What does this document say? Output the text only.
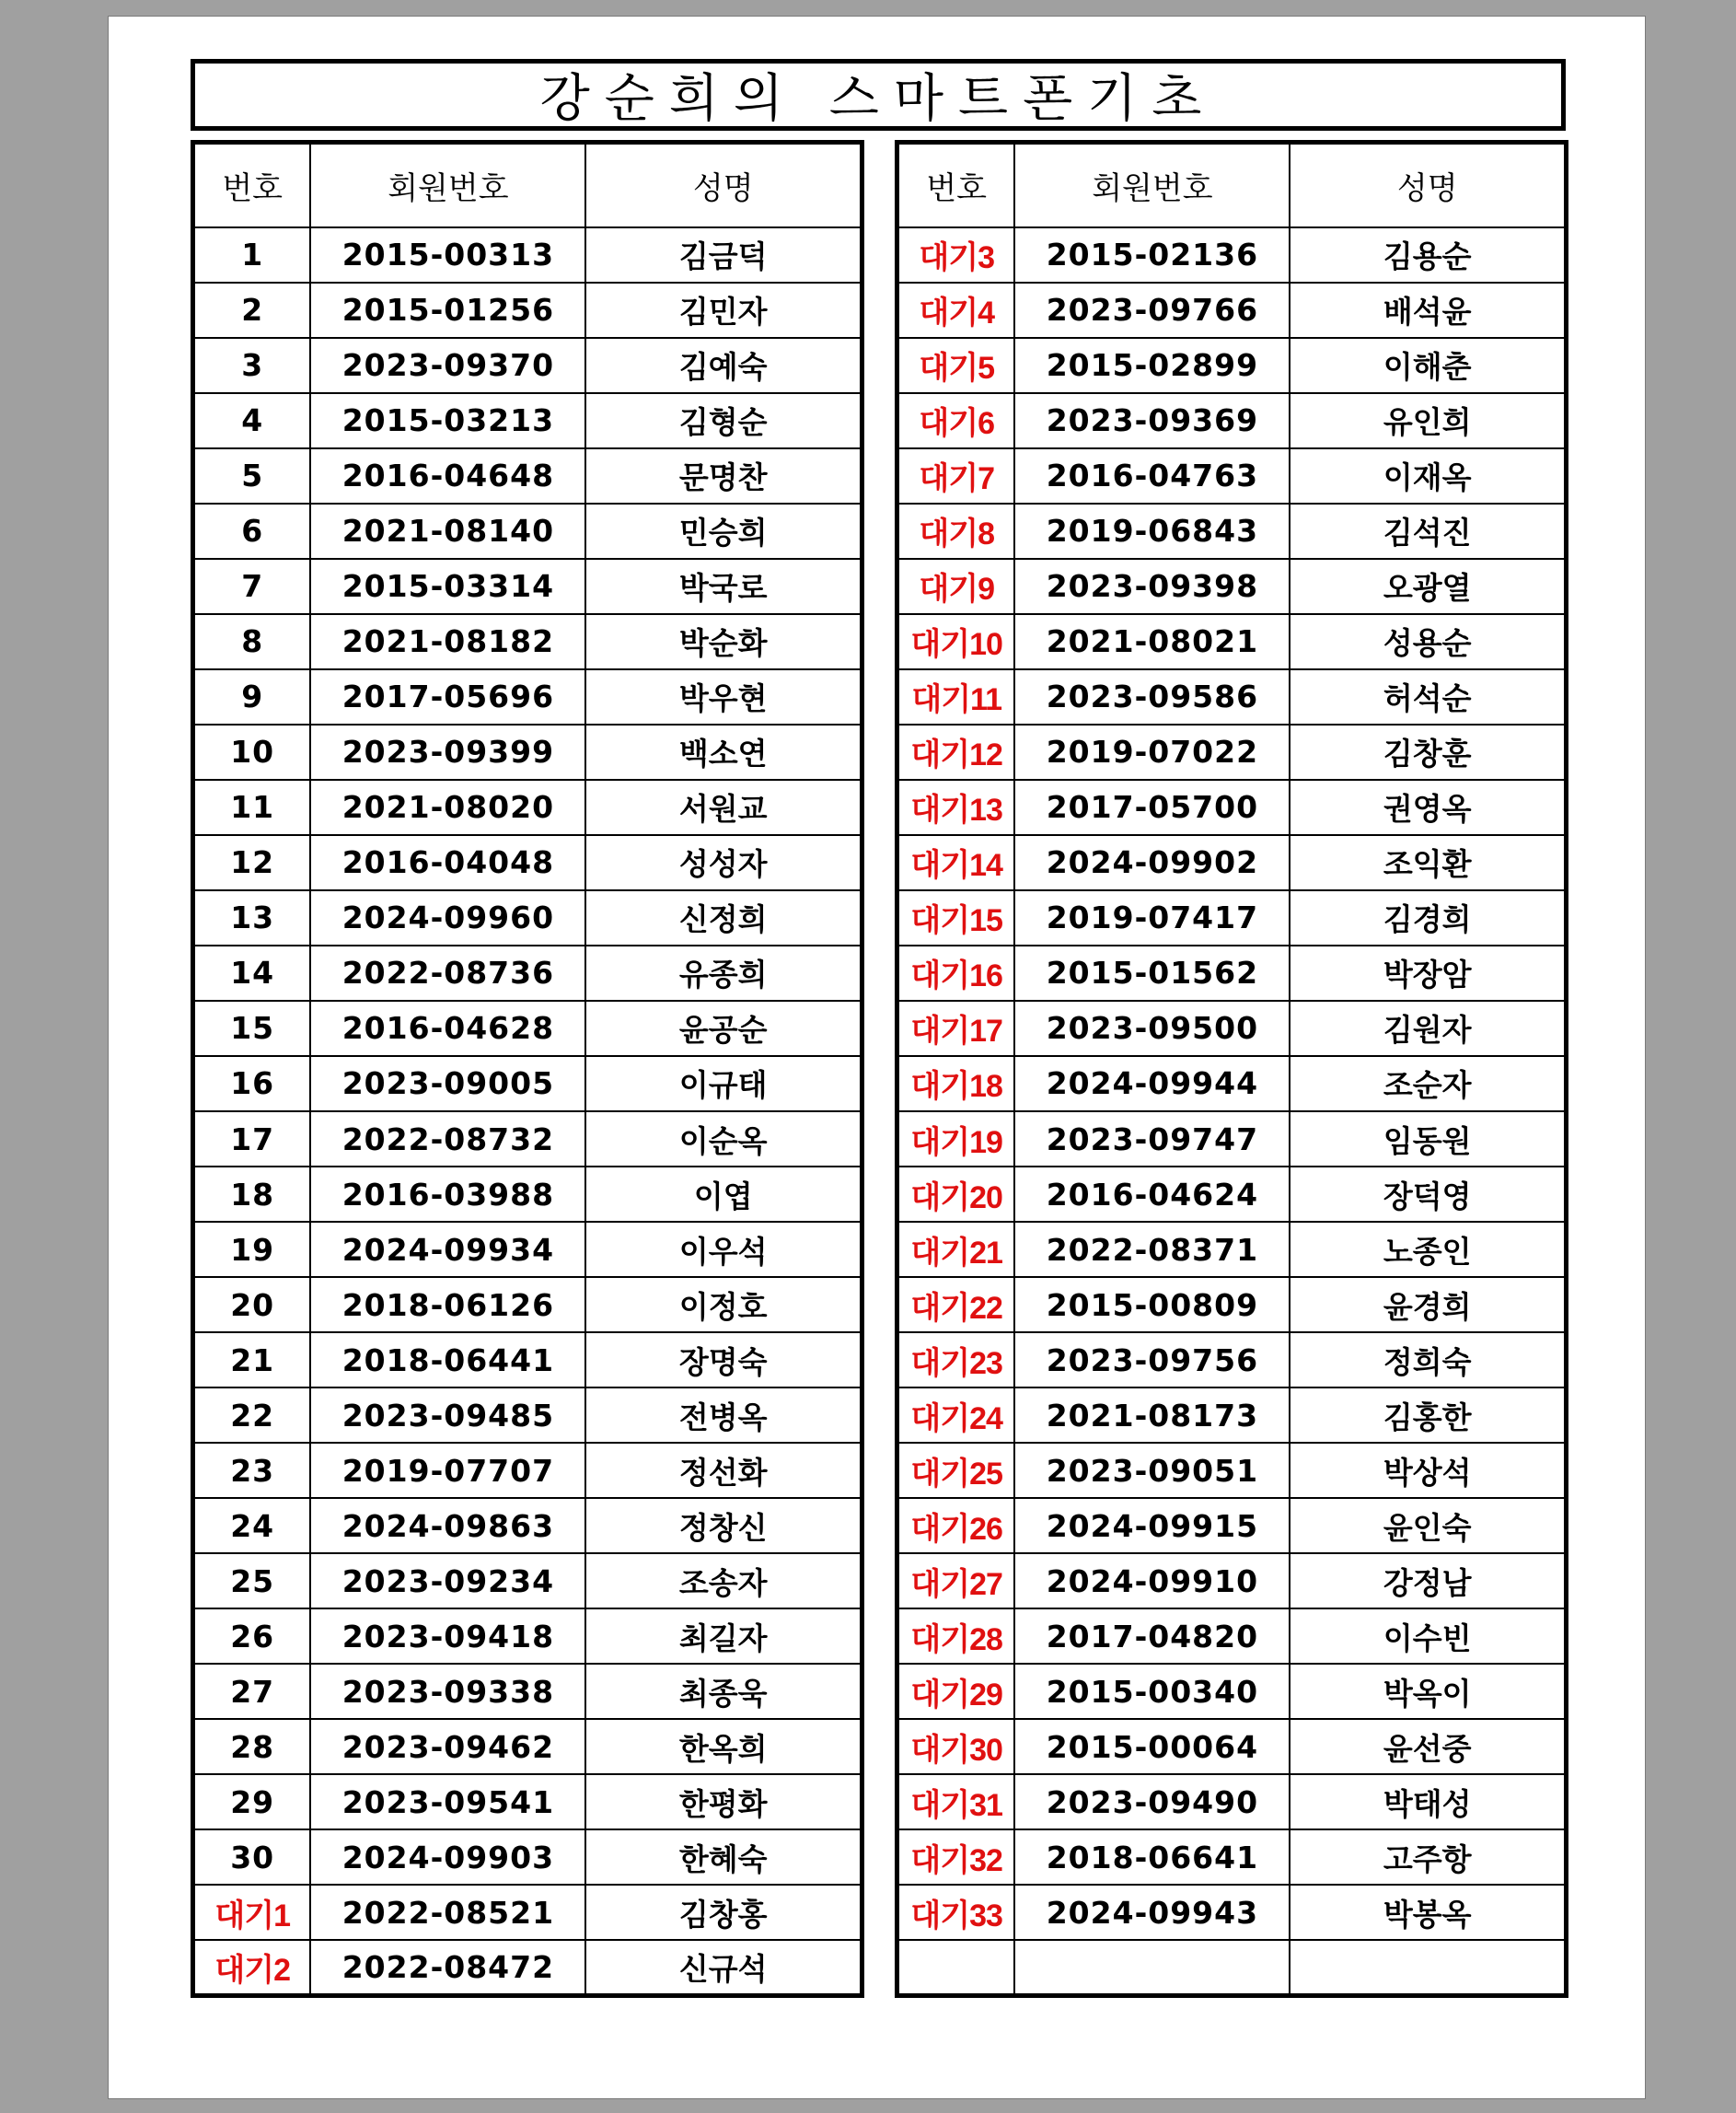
강순희의 스마트폰기초
번호	회원번호	성명
1	2015-00313	김금덕
2	2015-01256	김민자
3	2023-09370	김예숙
4	2015-03213	김형순
5	2016-04648	문명찬
6	2021-08140	민승희
7	2015-03314	박국로
8	2021-08182	박순화
9	2017-05696	박우현
10	2023-09399	백소연
11	2021-08020	서원교
12	2016-04048	성성자
13	2024-09960	신정희
14	2022-08736	유종희
15	2016-04628	윤공순
16	2023-09005	이규태
17	2022-08732	이순옥
18	2016-03988	이엽
19	2024-09934	이우석
20	2018-06126	이정호
21	2018-06441	장명숙
22	2023-09485	전병옥
23	2019-07707	정선화
24	2024-09863	정창신
25	2023-09234	조송자
26	2023-09418	최길자
27	2023-09338	최종욱
28	2023-09462	한옥희
29	2023-09541	한평화
30	2024-09903	한혜숙
대기1	2022-08521	김창홍
대기2	2022-08472	신규석
번호	회원번호	성명
대기3	2015-02136	김용순
대기4	2023-09766	배석윤
대기5	2015-02899	이해춘
대기6	2023-09369	유인희
대기7	2016-04763	이재옥
대기8	2019-06843	김석진
대기9	2023-09398	오광열
대기10	2021-08021	성용순
대기11	2023-09586	허석순
대기12	2019-07022	김창훈
대기13	2017-05700	권영옥
대기14	2024-09902	조익환
대기15	2019-07417	김경희
대기16	2015-01562	박장암
대기17	2023-09500	김원자
대기18	2024-09944	조순자
대기19	2023-09747	임동원
대기20	2016-04624	장덕영
대기21	2022-08371	노종인
대기22	2015-00809	윤경희
대기23	2023-09756	정희숙
대기24	2021-08173	김홍한
대기25	2023-09051	박상석
대기26	2024-09915	윤인숙
대기27	2024-09910	강정남
대기28	2017-04820	이수빈
대기29	2015-00340	박옥이
대기30	2015-00064	윤선중
대기31	2023-09490	박태성
대기32	2018-06641	고주항
대기33	2024-09943	박봉옥
